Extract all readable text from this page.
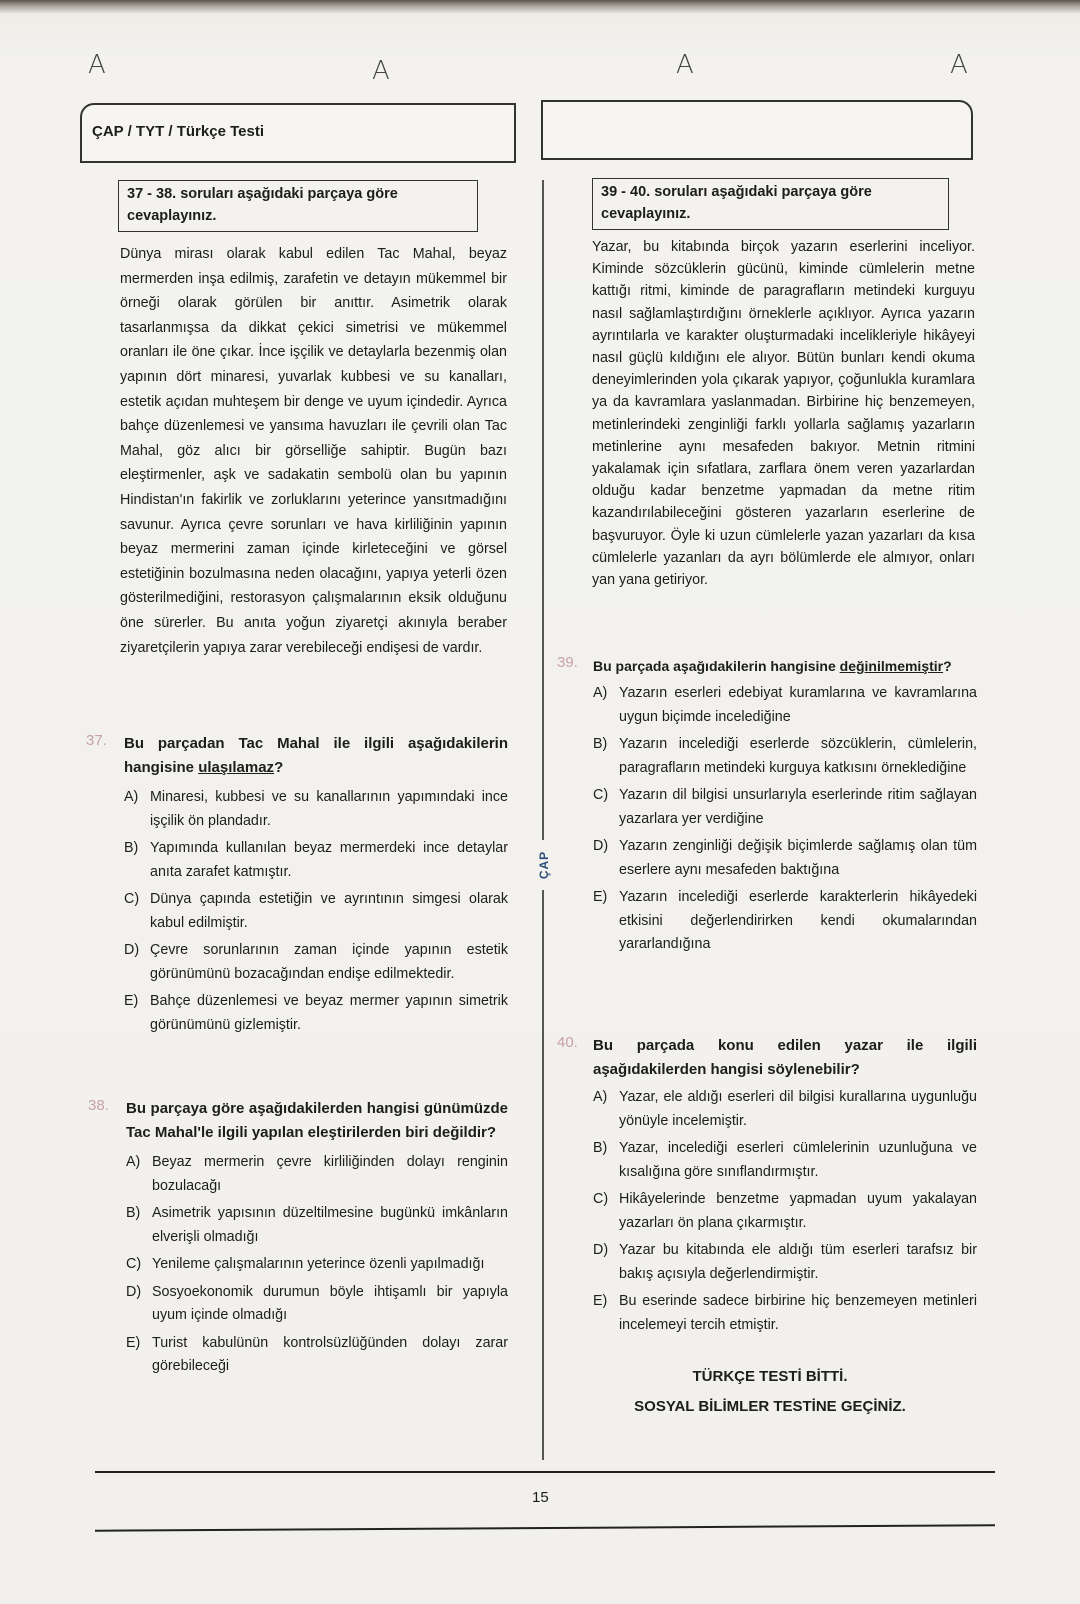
A	A	A	A
ÇAP / TYT / Türkçe Testi
37 - 38. soruları aşağıdaki parçaya göre cevaplayınız.
Dünya mirası olarak kabul edilen Tac Mahal, beyaz mermerden inşa edilmiş, zarafetin ve detayın mükemmel bir örneği olarak görülen bir anıttır. Asimetrik olarak tasarlanmışsa da dikkat çekici simetrisi ve mükemmel oranları ile öne çıkar. İnce işçilik ve detaylarla bezenmiş olan yapının dört minaresi, yuvarlak kubbesi ve su kanalları, estetik açıdan muhteşem bir denge ve uyum içindedir. Ayrıca bahçe düzenlemesi ve yansıma havuzları ile çevrili olan Tac Mahal, göz alıcı bir görselliğe sahiptir. Bugün bazı eleştirmenler, aşk ve sadakatin sembolü olan bu yapının Hindistan'ın fakirlik ve zorluklarını yeterince yansıtmadığını savunur. Ayrıca çevre sorunları ve hava kirliliğinin yapının beyaz mermerini zaman içinde kirleteceğini ve görsel estetiğinin bozulmasına neden olacağını, yapıya yeterli özen gösterilmediğini, restorasyon çalışmalarının eksik olduğunu öne sürerler. Bu anıta yoğun ziyaretçi akınıyla beraber ziyaretçilerin yapıya zarar verebileceği endişesi de vardır.
37.	Bu parçadan Tac Mahal ile ilgili aşağıdakilerin hangisine ulaşılamaz?
A) Minaresi, kubbesi ve su kanallarının yapımındaki ince işçilik ön plandadır.
B) Yapımında kullanılan beyaz mermerdeki ince detaylar anıta zarafet katmıştır.
C) Dünya çapında estetiğin ve ayrıntının simgesi olarak kabul edilmiştir.
D) Çevre sorunlarının zaman içinde yapının estetik görünümünü bozacağından endişe edilmektedir.
E) Bahçe düzenlemesi ve beyaz mermer yapının simetrik görünümünü gizlemiştir.
38.	Bu parçaya göre aşağıdakilerden hangisi günümüzde Tac Mahal'le ilgili yapılan eleştirilerden biri değildir?
A) Beyaz mermerin çevre kirliliğinden dolayı renginin bozulacağı
B) Asimetrik yapısının düzeltilmesine bugünkü imkânların elverişli olmadığı
C) Yenileme çalışmalarının yeterince özenli yapılmadığı
D) Sosyoekonomik durumun böyle ihtişamlı bir yapıyla uyum içinde olmadığı
E) Turist kabulünün kontrolsüzlüğünden dolayı zarar görebileceği
ÇAP
39 - 40. soruları aşağıdaki parçaya göre cevaplayınız.
Yazar, bu kitabında birçok yazarın eserlerini inceliyor. Kiminde sözcüklerin gücünü, kiminde cümlelerin metne kattığı ritmi, kiminde de paragrafların metindeki kurguyu nasıl sağlamlaştırdığını örneklerle açıklıyor. Ayrıca yazarın ayrıntılarla ve karakter oluşturmadaki incelikleriyle hikâyeyi nasıl güçlü kıldığını ele alıyor. Bütün bunları kendi okuma deneyimlerinden yola çıkarak yapıyor, çoğunlukla kuramlara ya da kavramlara yaslanmadan. Birbirine hiç benzemeyen, metinlerindeki zenginliği farklı yollarla sağlamış yazarların metinlerine aynı mesafeden bakıyor. Metnin ritmini yakalamak için sıfatlara, zarflara önem veren yazarlardan olduğu kadar benzetme yapmadan da metne ritim kazandırılabileceğini gösteren yazarların eserlerine de başvuruyor. Öyle ki uzun cümlelerle yazan yazarları da kısa cümlelerle yazanları da ayrı bölümlerde ele almıyor, onları yan yana getiriyor.
39.	Bu parçada aşağıdakilerin hangisine değinilmemiştir?
A) Yazarın eserleri edebiyat kuramlarına ve kavramlarına uygun biçimde incelediğine
B) Yazarın incelediği eserlerde sözcüklerin, cümlelerin, paragrafların metindeki kurguya katkısını örneklediğine
C) Yazarın dil bilgisi unsurlarıyla eserlerinde ritim sağlayan yazarlara yer verdiğine
D) Yazarın zenginliği değişik biçimlerde sağlamış olan tüm eserlere aynı mesafeden baktığına
E) Yazarın incelediği eserlerde karakterlerin hikâyedeki etkisini değerlendirirken kendi okumalarından yararlandığına
40.	Bu parçada konu edilen yazar ile ilgili aşağıdakilerden hangisi söylenebilir?
A) Yazar, ele aldığı eserleri dil bilgisi kurallarına uygunluğu yönüyle incelemiştir.
B) Yazar, incelediği eserleri cümlelerinin uzunluğuna ve kısalığına göre sınıflandırmıştır.
C) Hikâyelerinde benzetme yapmadan uyum yakalayan yazarları ön plana çıkarmıştır.
D) Yazar bu kitabında ele aldığı tüm eserleri tarafsız bir bakış açısıyla değerlendirmiştir.
E) Bu eserinde sadece birbirine hiç benzemeyen metinleri incelemeyi tercih etmiştir.
TÜRKÇE TESTİ BİTTİ.
SOSYAL BİLİMLER TESTİNE GEÇİNİZ.
15
